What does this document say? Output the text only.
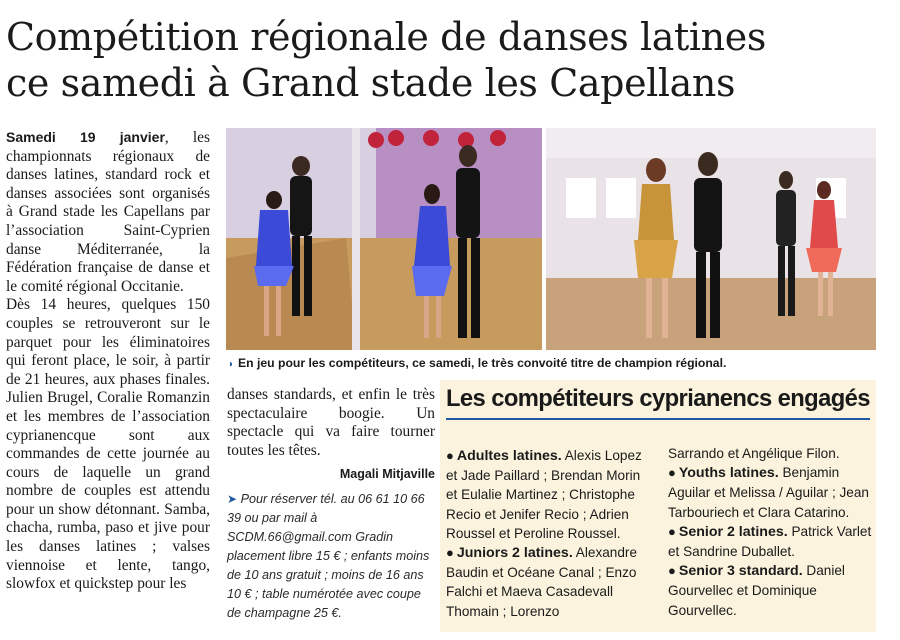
Compétition régionale de danses latines
ce samedi à Grand stade les Capellans

Samedi 19 janvier, les championnats régionaux de danses latines, standard rock et danses associées sont organisés à Grand stade les Capellans par l’association Saint-Cyprien danse Méditerranée, la Fédération française de danse et le comité régional Occitanie.

Dès 14 heures, quelques 150 couples se retrouveront sur le parquet pour les éliminatoires qui feront place, le soir, à partir de 21 heures, aux phases finales. Julien Brugel, Coralie Romanzin et les membres de l’association cyprianencque sont aux commandes de cette journée au cours de laquelle un grand nombre de couples est attendu pour un show détonnant. Samba, chacha, rumba, paso et jive pour les danses latines ; valses viennoise et lente, tango, slowfox et quickstep pour les

◗ En jeu pour les compétiteurs, ce samedi, le très convoité titre de champion régional.

danses standards, et enfin le très spectaculaire boogie. Un spectacle qui va faire tourner toutes les têtes.

Magali Mitjaville
➤ Pour réserver tél. au 06 61 10 66 39 ou par mail à SCDM.66@gmail.com Gradin placement libre 15 € ; enfants moins de 10 ans gratuit ; moins de 16 ans 10 € ; table numérotée avec coupe de champagne 25 €.
Les compétiteurs cyprianencs engagés
● Adultes latines. Alexis Lopez et Jade Paillard ; Brendan Morin et Eulalie Martinez ; Christophe Recio et Jenifer Recio ; Adrien Roussel et Peroline Roussel.
● Juniors 2 latines. Alexandre Baudin et Océane Canal ; Enzo Falchi et Maeva Casadevall Thomain ; Lorenzo
Sarrando et Angélique Filon.
● Youths latines. Benjamin Aguilar et Melissa / Aguilar ; Jean Tarbouriech et Clara Catarino.
● Senior 2 latines. Patrick Varlet et Sandrine Duballet.
● Senior 3 standard. Daniel Gourvellec et Dominique Gourvellec.
